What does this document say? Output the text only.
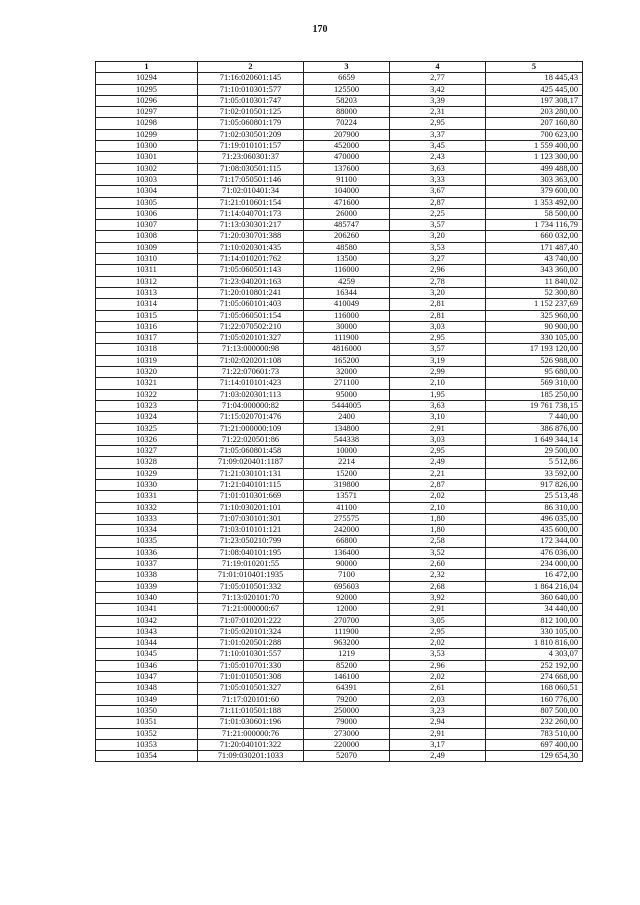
170
1	2	3	4	5
10294	71:16:020601:145	6659	2,77	18 445,43
10295	71:10:010301:577	125500	3,42	425 445,00
10296	71:05:010301:747	58203	3,39	197 308,17
10297	71:02:010501:125	88000	2,31	203 280,00
10298	71:05:060801:179	70224	2,95	207 160,80
10299	71:02:030501:209	207900	3,37	700 623,00
10300	71:19:010101:157	452000	3,45	1 559 400,00
10301	71:23:060301:37	470000	2,43	1 123 300,00
10302	71:08:030501:115	137600	3,63	499 488,00
10303	71:17:050501:146	91100	3,33	303 363,00
10304	71:02:010401:34	104000	3,67	379 600,00
10305	71:21:010601:154	471600	2,87	1 353 492,00
10306	71:14:040701:173	26000	2,25	58 500,00
10307	71:13:030301:217	485747	3,57	1 734 116,79
10308	71:20:030701:388	206260	3,20	660 032,00
10309	71:10:020301:435	48580	3,53	171 487,40
10310	71:14:010201:762	13500	3,27	43 740,00
10311	71:05:060501:143	116000	2,96	343 360,00
10312	71:23:040201:163	4259	2,78	11 840,02
10313	71:20:010801:241	16344	3,20	52 300,80
10314	71:05:060101:403	410049	2,81	1 152 237,69
10315	71:05:060501:154	116000	2,81	325 960,00
10316	71:22:070502:210	30000	3,03	90 900,00
10317	71:05:020101:327	111900	2,95	330 105,00
10318	71:13:000000:98	4816000	3,57	17 193 120,00
10319	71:02:020201:108	165200	3,19	526 988,00
10320	71:22:070601:73	32000	2,99	95 680,00
10321	71:14:010101:423	271100	2,10	569 310,00
10322	71:03:020301:113	95000	1,95	185 250,00
10323	71:04:000000:82	5444005	3,63	19 761 738,15
10324	71:15:020701:476	2400	3,10	7 440,00
10325	71:21:000000:109	134800	2,91	386 876,00
10326	71:22:020501:86	544338	3,03	1 649 344,14
10327	71:05:060801:458	10000	2,95	29 500,00
10328	71:09:020401:1187	2214	2,49	5 512,86
10329	71:21:030101:131	15200	2,21	33 592,00
10330	71:21:040101:115	319800	2,87	917 826,00
10331	71:01:010301:669	13571	2,02	25 513,48
10332	71:10:030201:101	41100	2,10	86 310,00
10333	71:07:030101:301	275575	1,80	496 035,00
10334	71:03:010101:121	242000	1,80	435 600,00
10335	71:23:050210:799	66800	2,58	172 344,00
10336	71:08:040101:195	136400	3,52	476 036,00
10337	71:19:010201:55	90000	2,60	234 000,00
10338	71:01:010401:1935	7100	2,32	16 472,00
10339	71:05:010501:332	695603	2,68	1 864 216,04
10340	71:13:020101:70	92000	3,92	360 640,00
10341	71:21:000000:67	12000	2,91	34 440,00
10342	71:07:010201:222	270700	3,05	812 100,00
10343	71:05:020101:324	111900	2,95	330 105,00
10344	71:01:020501:288	963200	2,02	1 810 816,00
10345	71:10:010301:557	1219	3,53	4 303,07
10346	71:05:010701:330	85200	2,96	252 192,00
10347	71:01:010501:308	146100	2,02	274 668,00
10348	71:05:010501:327	64391	2,61	168 060,51
10349	71:17:020101:60	79200	2,03	160 776,00
10350	71:11:010501:188	250000	3,23	807 500,00
10351	71:01:030601:196	79000	2,94	232 260,00
10352	71:21:000000:76	273000	2,91	783 510,00
10353	71:20:040101:322	220000	3,17	697 400,00
10354	71:09:030201:1033	52070	2,49	129 654,30
